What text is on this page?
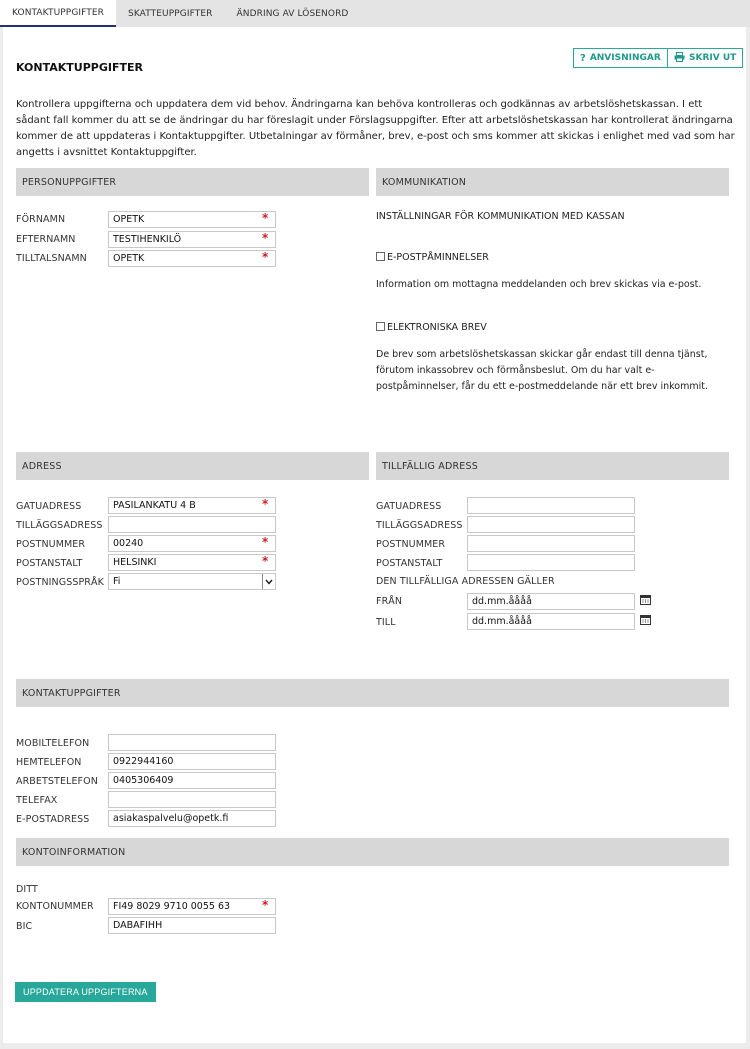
KONTAKTUPPGIFTER	SKATTEUPPGIFTER	ÄNDRING AV LÖSENORD
KONTAKTUPPGIFTER
? ANVISNINGAR	SKRIV UT
Kontrollera uppgifterna och uppdatera dem vid behov. Ändringarna kan behöva kontrolleras och godkännas av arbetslöshetskassan. I ett sådant fall kommer du att se de ändringar du har föreslagit under Förslagsuppgifter. Efter att arbetslöshetskassan har kontrollerat ändringarna kommer de att uppdateras i Kontaktuppgifter. Utbetalningar av förmåner, brev, e-post och sms kommer att skickas i enlighet med vad som har angetts i avsnittet Kontaktuppgifter.
PERSONUPPGIFTER
FÖRNAMN	OPETK	*
EFTERNAMN	TESTIHENKILÖ	*
TILLTALSNAMN	OPETK	*
KOMMUNIKATION
INSTÄLLNINGAR FÖR KOMMUNIKATION MED KASSAN
E-POSTPÅMINNELSER
Information om mottagna meddelanden och brev skickas via e-post.
ELEKTRONISKA BREV
De brev som arbetslöshetskassan skickar går endast till denna tjänst, förutom inkassobrev och förmånsbeslut. Om du har valt e-postpåminnelser, får du ett e-postmeddelande när ett brev inkommit.
ADRESS
GATUADRESS	PASILANKATU 4 B	*
TILLÄGGSADRESS
POSTNUMMER	00240	*
POSTANSTALT	HELSINKI	*
POSTNINGSSPRÅK Fi
TILLFÄLLIG ADRESS
GATUADRESS
TILLÄGGSADRESS
POSTNUMMER
POSTANSTALT
DEN TILLFÄLLIGA ADRESSEN GÄLLER
FRÅN	dd.mm.åååå
TILL	dd.mm.åååå
KONTAKTUPPGIFTER
MOBILTELEFON
HEMTELEFON	0922944160
ARBETSTELEFON	0405306409
TELEFAX
E-POSTADRESS	asiakaspalvelu@opetk.fi
KONTOINFORMATION
DITT
KONTONUMMER	FI49 8029 9710 0055 63	*
BIC	DABAFIHH
UPPDATERA UPPGIFTERNA
